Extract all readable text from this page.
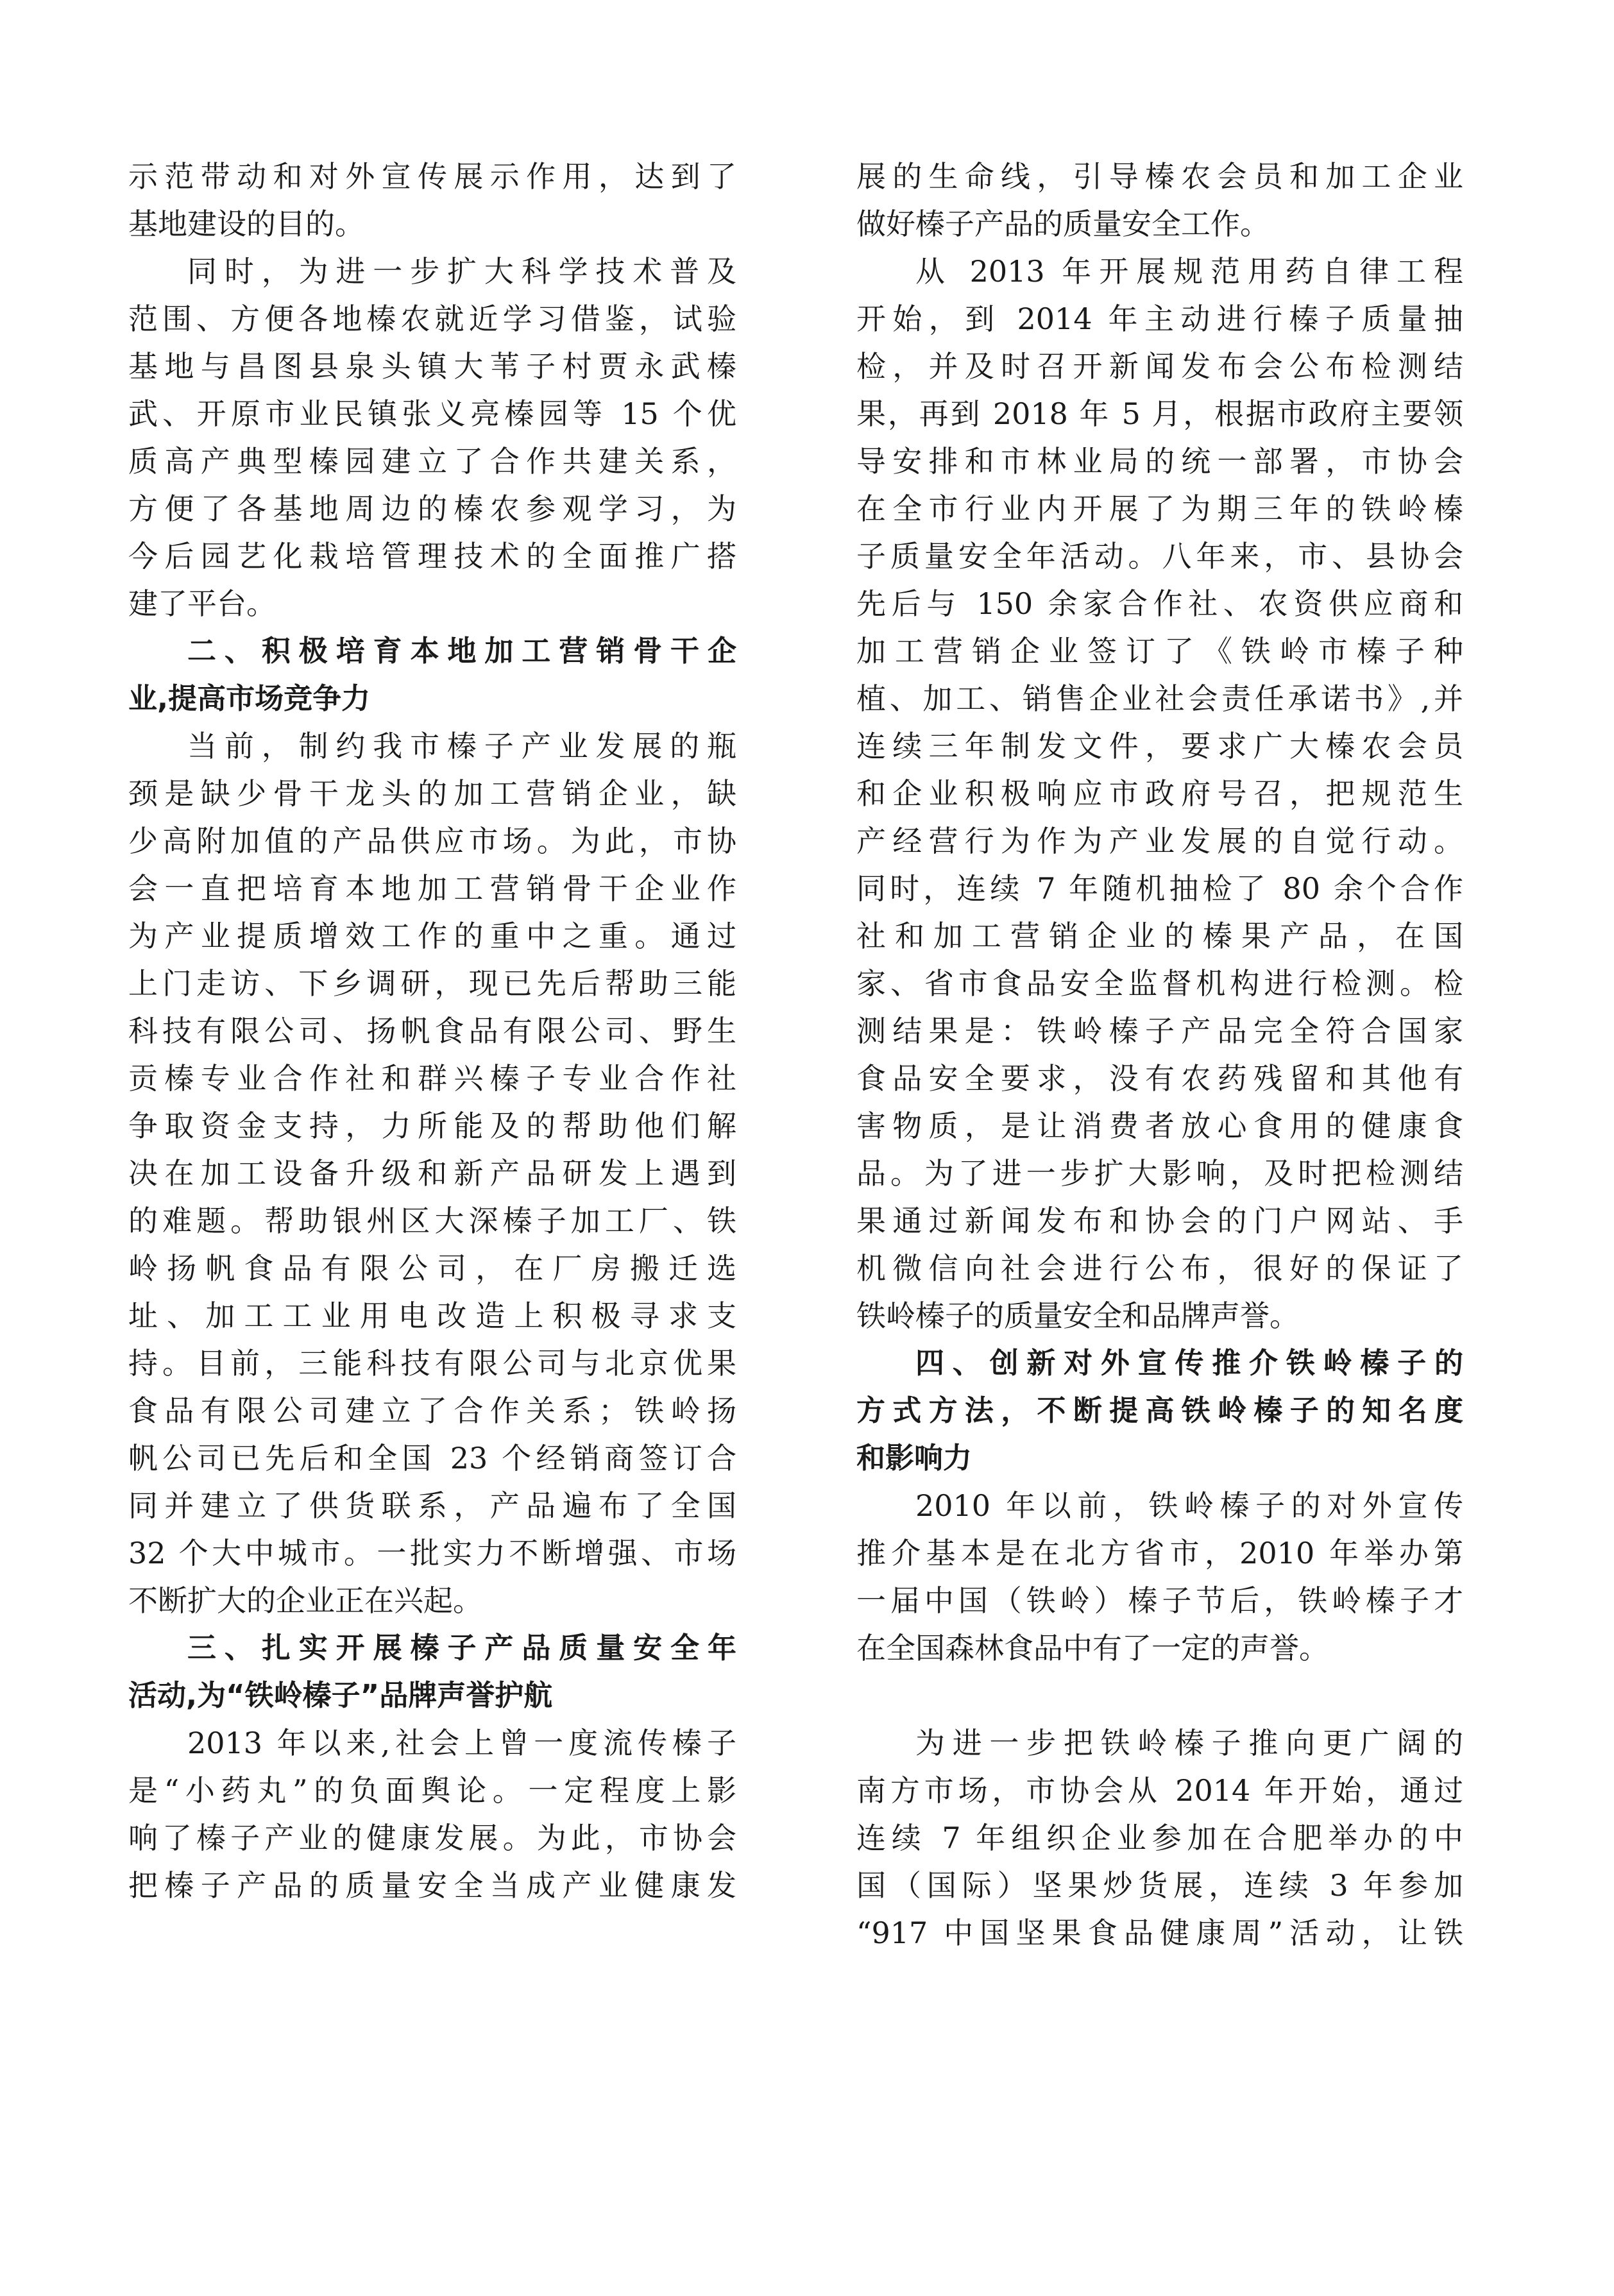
示范带动和对外宣传展示作用，达到了
基地建设的目的。
同时，为进一步扩大科学技术普及
范围、方便各地榛农就近学习借鉴，试验
基地与昌图县泉头镇大苇子村贾永武榛
武、开原市业民镇张义亮榛园等 15 个优
质高产典型榛园建立了合作共建关系，
方便了各基地周边的榛农参观学习，为
今后园艺化栽培管理技术的全面推广搭
建了平台。
二、积极培育本地加工营销骨干企
业,提高市场竞争力
当前，制约我市榛子产业发展的瓶
颈是缺少骨干龙头的加工营销企业，缺
少高附加值的产品供应市场。为此，市协
会一直把培育本地加工营销骨干企业作
为产业提质增效工作的重中之重。通过
上门走访、下乡调研，现已先后帮助三能
科技有限公司、扬帆食品有限公司、野生
贡榛专业合作社和群兴榛子专业合作社
争取资金支持，力所能及的帮助他们解
决在加工设备升级和新产品研发上遇到
的难题。帮助银州区大深榛子加工厂、铁
岭扬帆食品有限公司，在厂房搬迁选
址、加工工业用电改造上积极寻求支
持。目前，三能科技有限公司与北京优果
食品有限公司建立了合作关系；铁岭扬
帆公司已先后和全国 23 个经销商签订合
同并建立了供货联系，产品遍布了全国
32 个大中城市。一批实力不断增强、市场
不断扩大的企业正在兴起。
三、扎实开展榛子产品质量安全年
活动,为“铁岭榛子”品牌声誉护航
2013 年以来,社会上曾一度流传榛子
是“小药丸”的负面舆论。一定程度上影
响了榛子产业的健康发展。为此，市协会
把榛子产品的质量安全当成产业健康发
展的生命线，引导榛农会员和加工企业
做好榛子产品的质量安全工作。
从 2013 年开展规范用药自律工程
开始，到 2014 年主动进行榛子质量抽
检，并及时召开新闻发布会公布检测结
果，再到 2018 年 5 月，根据市政府主要领
导安排和市林业局的统一部署，市协会
在全市行业内开展了为期三年的铁岭榛
子质量安全年活动。八年来，市、县协会
先后与 150 余家合作社、农资供应商和
加工营销企业签订了《铁岭市榛子种
植、加工、销售企业社会责任承诺书》,并
连续三年制发文件，要求广大榛农会员
和企业积极响应市政府号召，把规范生
产经营行为作为产业发展的自觉行动。
同时，连续 7 年随机抽检了 80 余个合作
社和加工营销企业的榛果产品，在国
家、省市食品安全监督机构进行检测。检
测结果是：铁岭榛子产品完全符合国家
食品安全要求，没有农药残留和其他有
害物质，是让消费者放心食用的健康食
品。为了进一步扩大影响，及时把检测结
果通过新闻发布和协会的门户网站、手
机微信向社会进行公布，很好的保证了
铁岭榛子的质量安全和品牌声誉。
四、创新对外宣传推介铁岭榛子的
方式方法，不断提高铁岭榛子的知名度
和影响力
2010 年以前，铁岭榛子的对外宣传
推介基本是在北方省市，2010 年举办第
一届中国（铁岭）榛子节后，铁岭榛子才
在全国森林食品中有了一定的声誉。
为进一步把铁岭榛子推向更广阔的
南方市场，市协会从 2014 年开始，通过
连续 7 年组织企业参加在合肥举办的中
国（国际）坚果炒货展，连续 3 年参加
“917 中国坚果食品健康周”活动，让铁
